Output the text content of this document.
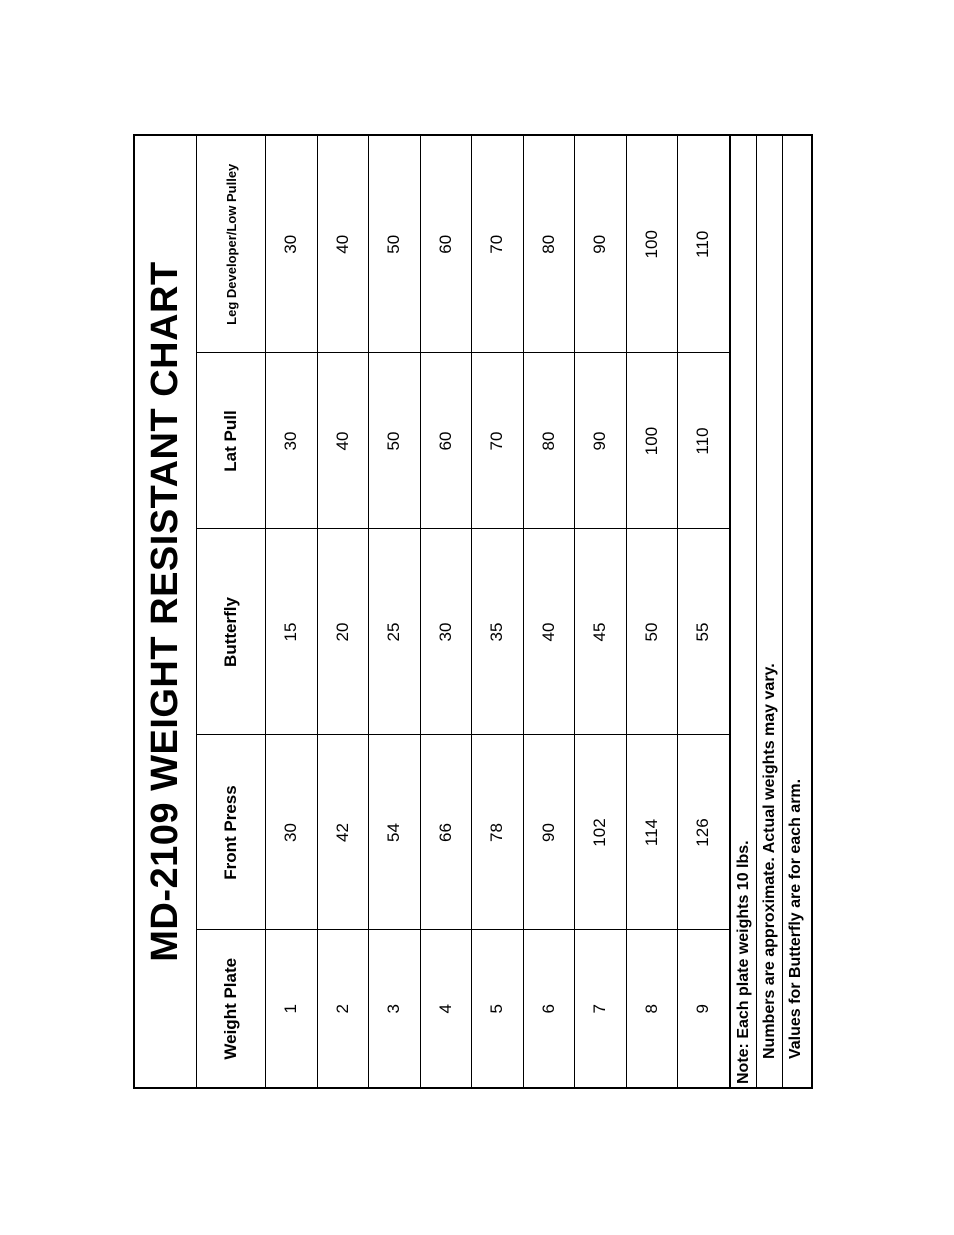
MD-2109 WEIGHT RESISTANT CHART
Weight Plate	Front Press	Butterfly	Lat Pull	Leg Developer/Low Pulley
1	30	15	30	30
2	42	20	40	40
3	54	25	50	50
4	66	30	60	60
5	78	35	70	70
6	90	40	80	80
7	102	45	90	90
8	114	50	100	100
9	126	55	110	110
Note: Each plate weights 10 lbs. Numbers are approximate. Actual weights may vary. Values for Butterfly are for each arm.
